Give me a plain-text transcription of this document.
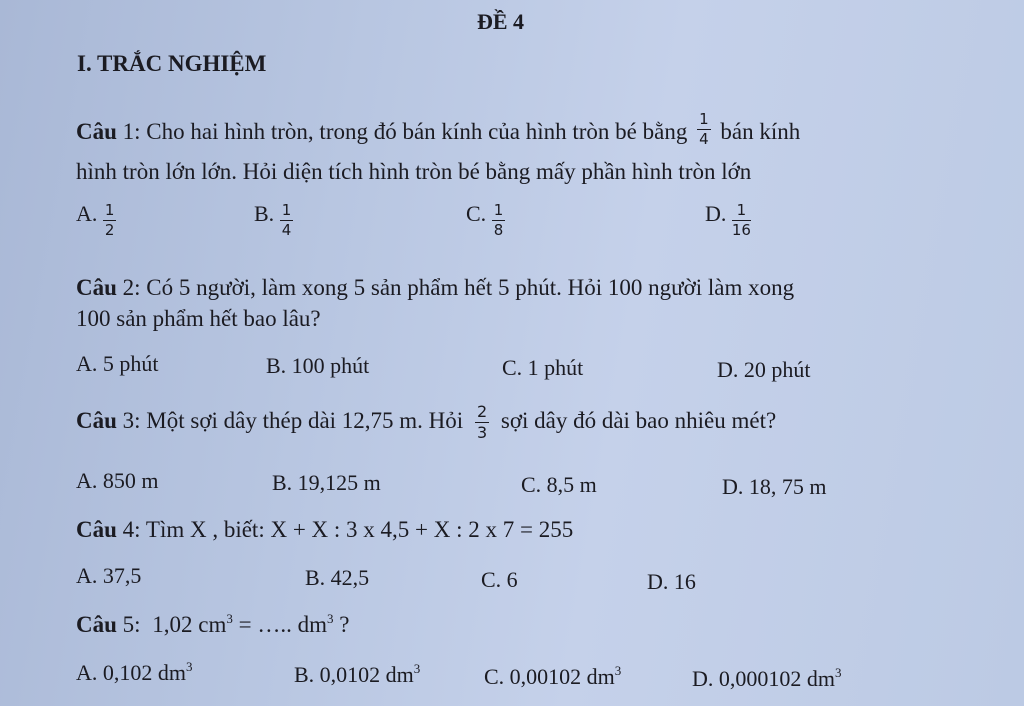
ĐỀ 4
I. TRẮC NGHIỆM
Câu 1: Cho hai hình tròn, trong đó bán kính của hình tròn bé bằng $\frac{1}{4}$ bán kính
hình tròn lớn lớn. Hỏi diện tích hình tròn bé bằng mấy phần hình tròn lớn
A. $\frac{1}{2}$	B. $\frac{1}{4}$	C. $\frac{1}{8}$	D. $\frac{1}{16}$
Câu 2: Có 5 người, làm xong 5 sản phẩm hết 5 phút. Hỏi 100 người làm xong
100 sản phẩm hết bao lâu?
A. 5 phút	B. 100 phút	C. 1 phút	D. 20 phút
Câu 3: Một sợi dây thép dài 12,75 m. Hỏi $\frac{2}{3}$ sợi dây đó dài bao nhiêu mét?
A. 850 m	B. 19,125 m	C. 8,5 m	D. 18, 75 m
Câu 4: Tìm X , biết: X + X : 3 x 4,5 + X : 2 x 7 = 255
A. 37,5	B. 42,5	C. 6	D. 16
Câu 5: 1,02 $cm^3$ = ….. $dm^3$ ?
A. 0,102 $dm^3$	B. 0,0102 $dm^3$	C. 0,00102 $dm^3$	D. 0,000102 $dm^3$
